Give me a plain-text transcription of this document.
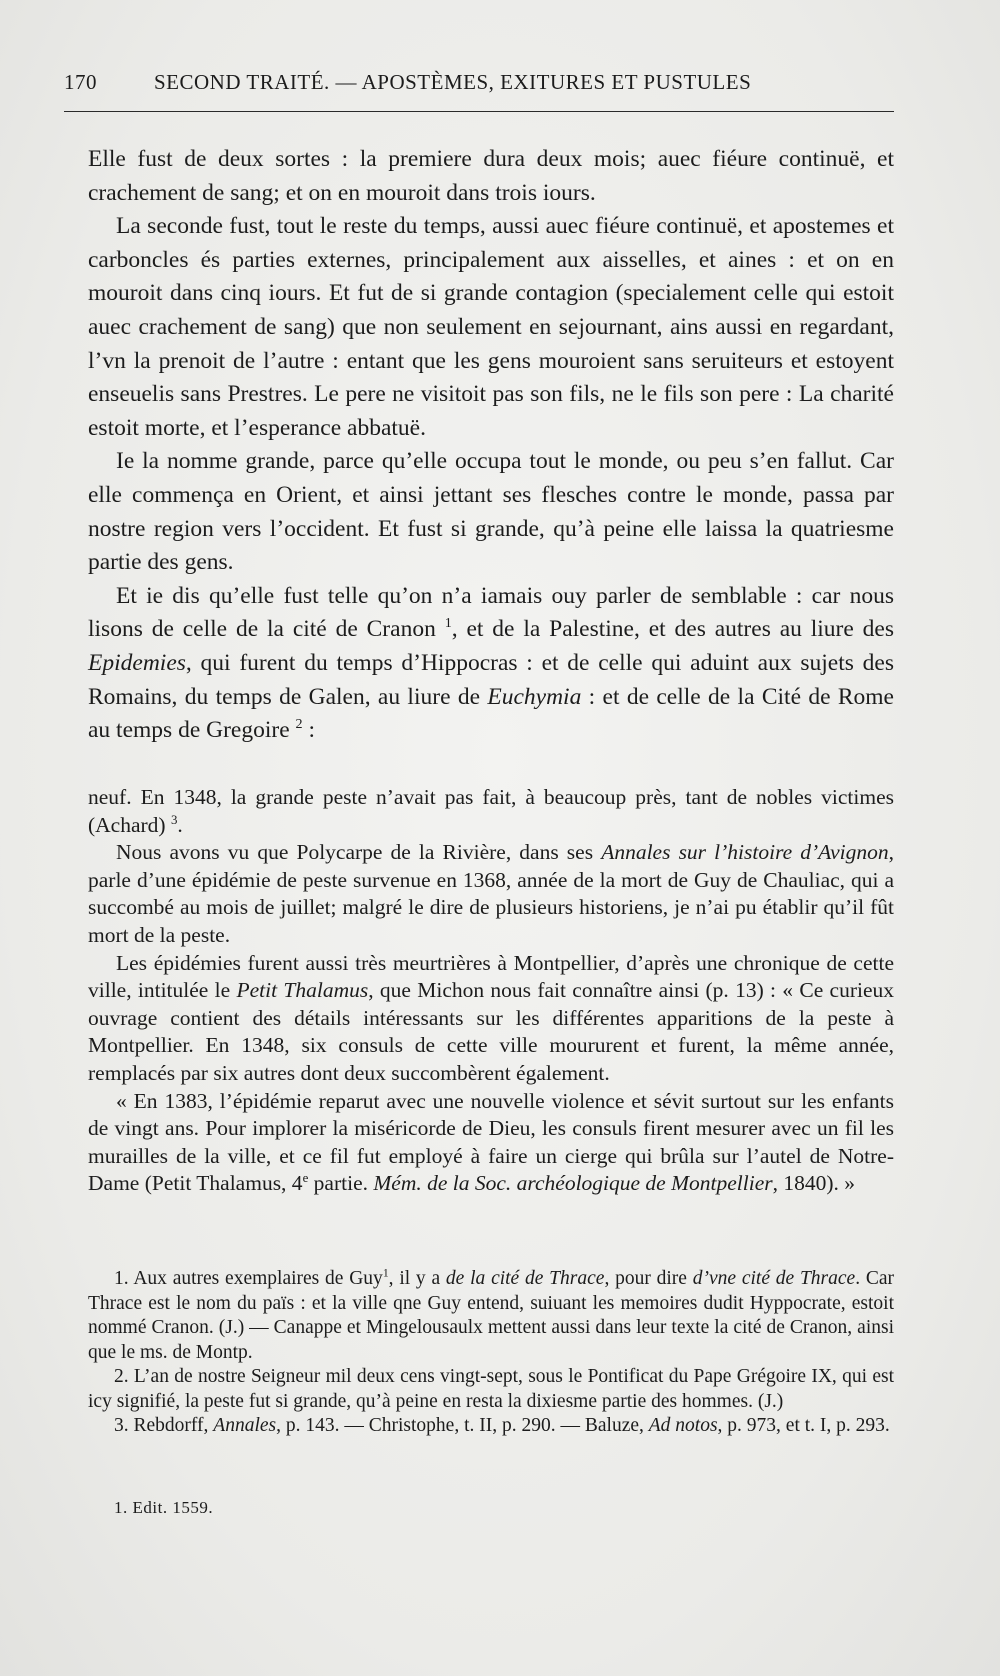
170	SECOND TRAITÉ. — APOSTÈMES, EXITURES ET PUSTULES

Elle fust de deux sortes : la premiere dura deux mois; auec fiéure continuë, et crachement de sang; et on en mouroit dans trois iours.

La seconde fust, tout le reste du temps, aussi auec fiéure continuë, et apostemes et carboncles és parties externes, principalement aux aisselles, et aines : et on en mouroit dans cinq iours. Et fut de si grande contagion (specialement celle qui estoit auec crachement de sang) que non seulement en sejournant, ains aussi en regardant, l’vn la prenoit de l’autre : entant que les gens mouroient sans seruiteurs et estoyent enseuelis sans Prestres. Le pere ne visitoit pas son fils, ne le fils son pere : La charité estoit morte, et l’esperance abbatuë.

Ie la nomme grande, parce qu’elle occupa tout le monde, ou peu s’en fallut. Car elle commença en Orient, et ainsi jettant ses flesches contre le monde, passa par nostre region vers l’occident. Et fust si grande, qu’à peine elle laissa la quatriesme partie des gens.

Et ie dis qu’elle fust telle qu’on n’a iamais ouy parler de semblable : car nous lisons de celle de la cité de Cranon $^1$, et de la Palestine, et des autres au liure des Epidemies, qui furent du temps d’Hippocras : et de celle qui aduint aux sujets des Romains, du temps de Galen, au liure de Euchymia : et de celle de la Cité de Rome au temps de Gregoire $^2$ :

neuf. En 1348, la grande peste n’avait pas fait, à beaucoup près, tant de nobles victimes (Achard) $^3$.

Nous avons vu que Polycarpe de la Rivière, dans ses Annales sur l’histoire d’Avignon, parle d’une épidémie de peste survenue en 1368, année de la mort de Guy de Chauliac, qui a succombé au mois de juillet; malgré le dire de plusieurs historiens, je n’ai pu établir qu’il fût mort de la peste.

Les épidémies furent aussi très meurtrières à Montpellier, d’après une chronique de cette ville, intitulée le Petit Thalamus, que Michon nous fait connaître ainsi (p. 13) : « Ce curieux ouvrage contient des détails intéressants sur les différentes apparitions de la peste à Montpellier. En 1348, six consuls de cette ville moururent et furent, la même année, remplacés par six autres dont deux succombèrent également.

« En 1383, l’épidémie reparut avec une nouvelle violence et sévit surtout sur les enfants de vingt ans. Pour implorer la miséricorde de Dieu, les consuls firent mesurer avec un fil les murailles de la ville, et ce fil fut employé à faire un cierge qui brûla sur l’autel de Notre-Dame (Petit Thalamus, 4e partie. Mém. de la Soc. archéologique de Montpellier, 1840). »

1. Aux autres exemplaires de Guy$^1$, il y a de la cité de Thrace, pour dire d’vne cité de Thrace. Car Thrace est le nom du païs : et la ville qne Guy entend, suiuant les memoires dudit Hyppocrate, estoit nommé Cranon. (J.) — Canappe et Mingelousaulx mettent aussi dans leur texte la cité de Cranon, ainsi que le ms. de Montp.

2. L’an de nostre Seigneur mil deux cens vingt-sept, sous le Pontificat du Pape Grégoire IX, qui est icy signifié, la peste fut si grande, qu’à peine en resta la dixiesme partie des hommes. (J.)

3. Rebdorff, Annales, p. 143. — Christophe, t. II, p. 290. — Baluze, Ad notos, p. 973, et t. I, p. 293.

1. Edit. 1559.
